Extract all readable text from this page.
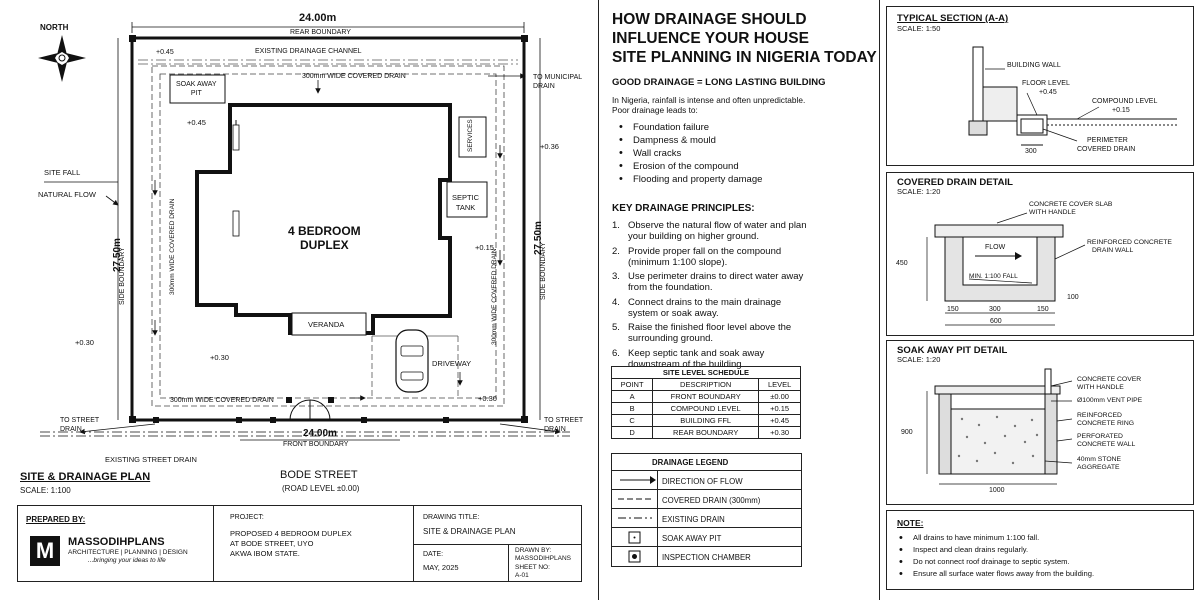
NORTH
24.00m
REAR BOUNDARY
+0.45	EXISTING DRAINAGE CHANNEL
300mm WIDE COVERED DRAIN	TO MUNICIPAL
DRAIN
SOAK AWAY
PIT
+0.45	SERVICES	+0.36
SITE FALL
NATURAL FLOW	SEPTIC
TANK
4 BEDROOM
DUPLEX	+0.15
27.50m
SIDE BOUNDARY
27.50m
SIDE BOUNDARY
300mm WIDE COVERED DRAIN
300mm WIDE COVERED DRAIN
VERANDA
+0.30
+0.30
DRIVEWAY
+0.30
300mm WIDE COVERED DRAIN
TO STREET
DRAIN
TO STREET
DRAIN
24.00m
FRONT BOUNDARY
EXISTING STREET DRAIN
SITE & DRAINAGE PLAN
SCALE: 1:100
BODE STREET
(ROAD LEVEL ±0.00)
PREPARED BY:
M	MASSODIHPLANS
ARCHITECTURE | PLANNING | DESIGN
...bringing your ideas to life
PROJECT:
PROPOSED 4 BEDROOM DUPLEX
AT BODE STREET, UYO
AKWA IBOM STATE.
DRAWING TITLE:
SITE & DRAINAGE PLAN
DATE:
MAY, 2025
DRAWN BY:
MASSODIHPLANS
SHEET NO:
A-01
HOW DRAINAGE SHOULD
INFLUENCE YOUR HOUSE
SITE PLANNING IN NIGERIA TODAY
GOOD DRAINAGE = LONG LASTING BUILDING
In Nigeria, rainfall is intense and often unpredictable.
Poor drainage leads to:
• Foundation failure
• Dampness & mould
• Wall cracks
• Erosion of the compound
• Flooding and property damage
KEY DRAINAGE PRINCIPLES:
1. Observe the natural flow of water and plan your building on higher ground.
2. Provide proper fall on the compound (minimum 1:100 slope).
3. Use perimeter drains to direct water away from the foundation.
4. Connect drains to the main drainage system or soak away.
5. Raise the finished floor level above the surrounding ground.
6. Keep septic tank and soak away downstream of the building.
SITE LEVEL SCHEDULE		
POINT	DESCRIPTION	LEVEL
A	FRONT BOUNDARY	±0.00
B	COMPOUND LEVEL	+0.15
C	BUILDING FFL	+0.45
D	REAR BOUNDARY	+0.30
DRAINAGE LEGEND
DIRECTION OF FLOW
COVERED DRAIN (300mm)
EXISTING DRAIN
SOAK AWAY PIT
INSPECTION CHAMBER
TYPICAL SECTION (A-A)
SCALE: 1:50
BUILDING WALL
FLOOR LEVEL
+0.45
COMPOUND LEVEL
+0.15
PERIMETER
COVERED DRAIN
300
COVERED DRAIN DETAIL
SCALE: 1:20
CONCRETE COVER SLAB
WITH HANDLE
REINFORCED CONCRETE
DRAIN WALL
FLOW
MIN. 1:100 FALL
450
100
150	300	150
600
SOAK AWAY PIT DETAIL
SCALE: 1:20
CONCRETE COVER
WITH HANDLE
Ø100mm VENT PIPE
REINFORCED
CONCRETE RING
PERFORATED
CONCRETE WALL
40mm STONE
AGGREGATE
900
1000
NOTE:
• All drains to have minimum 1:100 fall.
• Inspect and clean drains regularly.
• Do not connect roof drainage to septic system.
• Ensure all surface water flows away from the building.
